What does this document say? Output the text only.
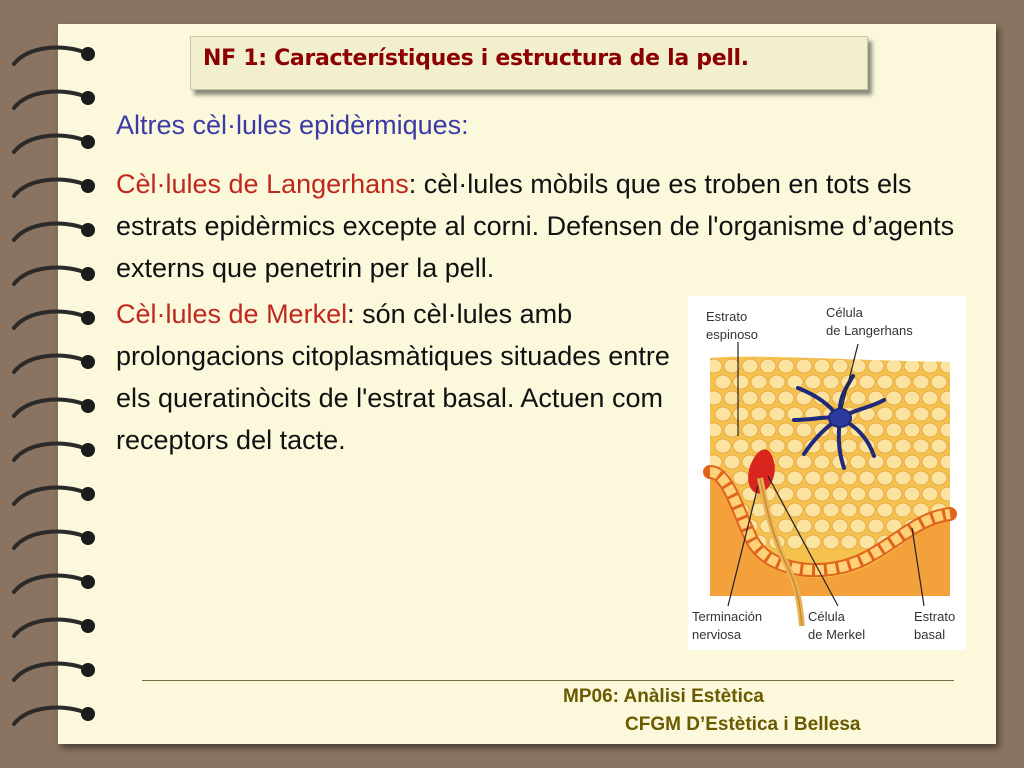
NF 1: Característiques i estructura de la pell.
Altres cèl·lules epidèrmiques:
Cèl·lules de Langerhans: cèl·lules mòbils que es troben en tots els estrats epidèrmics excepte al corni. Defensen de l'organisme d’agents externs que penetrin per la pell.
Cèl·lules de Merkel: són cèl·lules amb prolongacions citoplasmàtiques situades entre els queratinòcits de l'estrat basal. Actuen com receptors del tacte.
Estrato
espinoso
Célula
de Langerhans
Terminación
nerviosa
Célula
de Merkel
Estrato
basal
MP06: Anàlisi Estètica
CFGM D’Estètica i Bellesa
